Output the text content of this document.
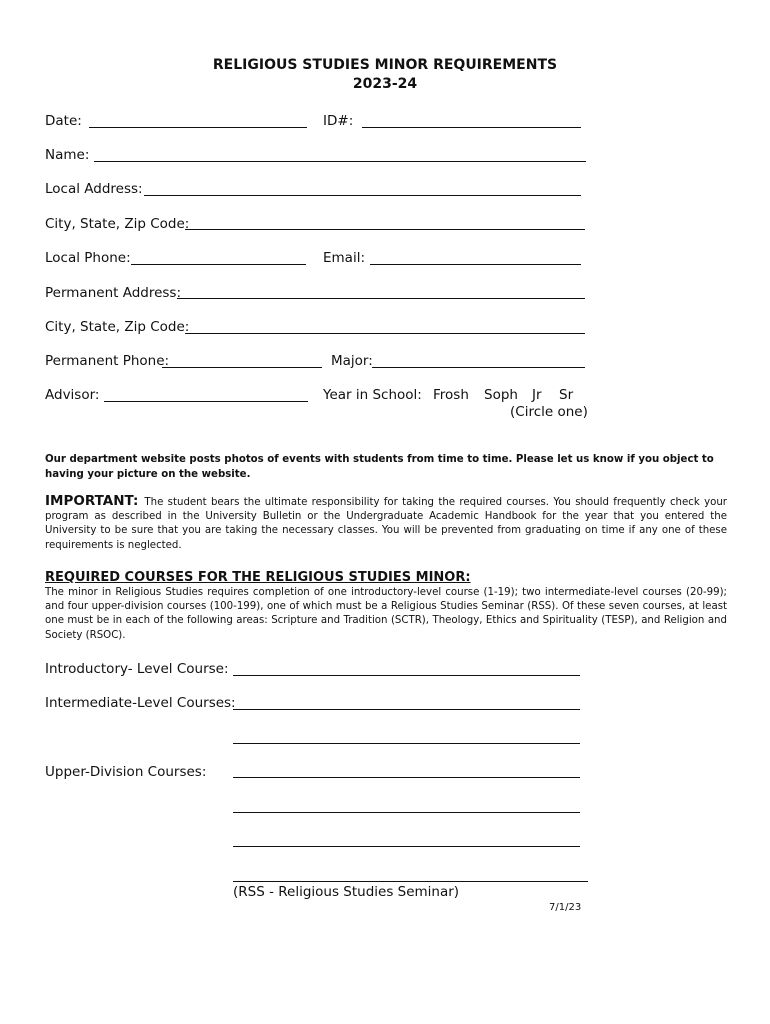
RELIGIOUS STUDIES MINOR REQUIREMENTS
2023-24
Date:	ID#:
Name:
Local Address:
City, State, Zip Code:
Local Phone:	Email:
Permanent Address:
City, State, Zip Code:
Permanent Phone:	Major:
Advisor:	Year in School: Frosh Soph Jr Sr
(Circle one)
Our department website posts photos of events with students from time to time. Please let us know if you object to having your picture on the website.
IMPORTANT: The student bears the ultimate responsibility for taking the required courses. You should frequently check your program as described in the University Bulletin or the Undergraduate Academic Handbook for the year that you entered the University to be sure that you are taking the necessary classes. You will be prevented from graduating on time if any one of these requirements is neglected.
REQUIRED COURSES FOR THE RELIGIOUS STUDIES MINOR:
The minor in Religious Studies requires completion of one introductory-level course (1-19); two intermediate-level courses (20-99); and four upper-division courses (100-199), one of which must be a Religious Studies Seminar (RSS). Of these seven courses, at least one must be in each of the following areas: Scripture and Tradition (SCTR), Theology, Ethics and Spirituality (TESP), and Religion and Society (RSOC).
Introductory- Level Course:
Intermediate-Level Courses:
Upper-Division Courses:
(RSS - Religious Studies Seminar)
7/1/23
